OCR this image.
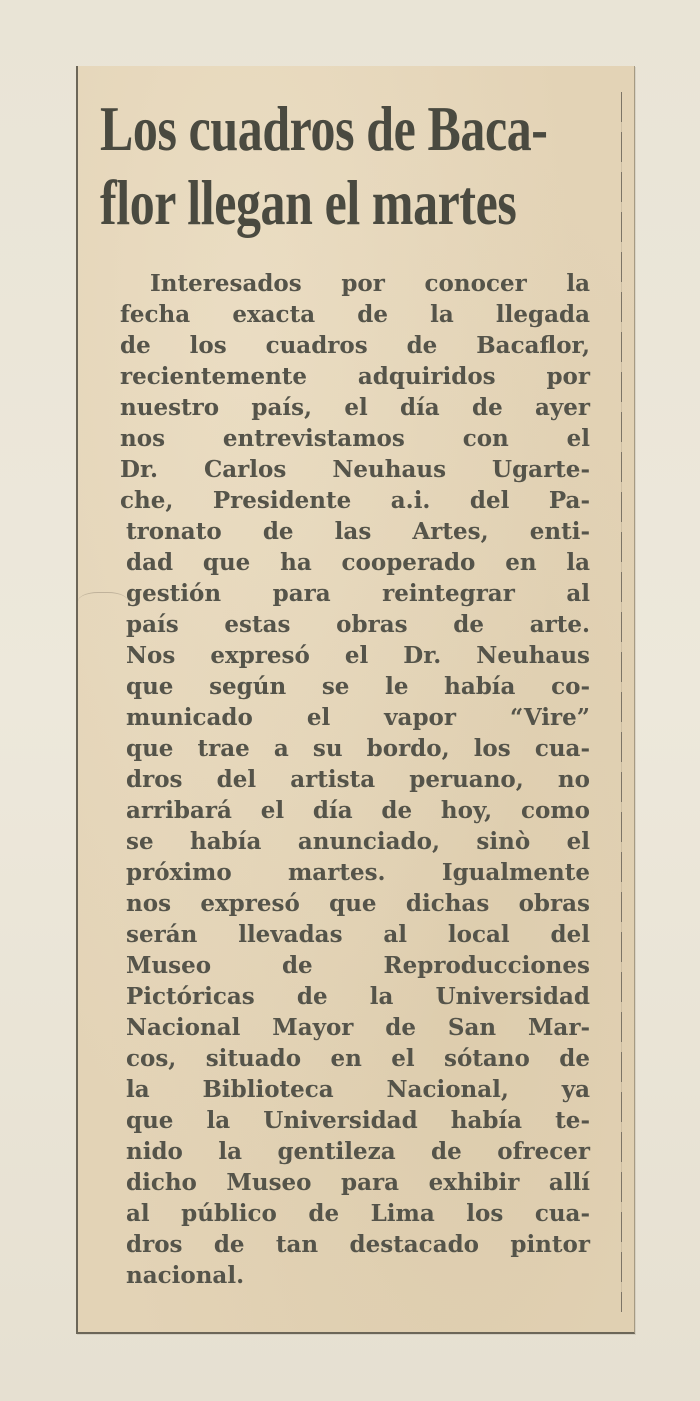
Los cuadros de Baca-
flor llegan el martes
Interesados por conocer la
fecha exacta de la llegada
de los cuadros de Bacaflor,
recientemente adquiridos por
nuestro país, el día de ayer
nos entrevistamos con el
Dr. Carlos Neuhaus Ugarte-
che, Presidente a.i. del Pa-
tronato de las Artes, enti-
dad que ha cooperado en la
gestión para reintegrar al
país estas obras de arte.
Nos expresó el Dr. Neuhaus
que según se le había co-
municado el vapor “Vire”
que trae a su bordo, los cua-
dros del artista peruano, no
arribará el día de hoy, como
se había anunciado, sinò el
próximo martes. Igualmente
nos expresó que dichas obras
serán llevadas al local del
Museo de Reproducciones
Pictóricas de la Universidad
Nacional Mayor de San Mar-
cos, situado en el sótano de
la Biblioteca Nacional, ya
que la Universidad había te-
nido la gentileza de ofrecer
dicho Museo para exhibir allí
al público de Lima los cua-
dros de tan destacado pintor
nacional.
